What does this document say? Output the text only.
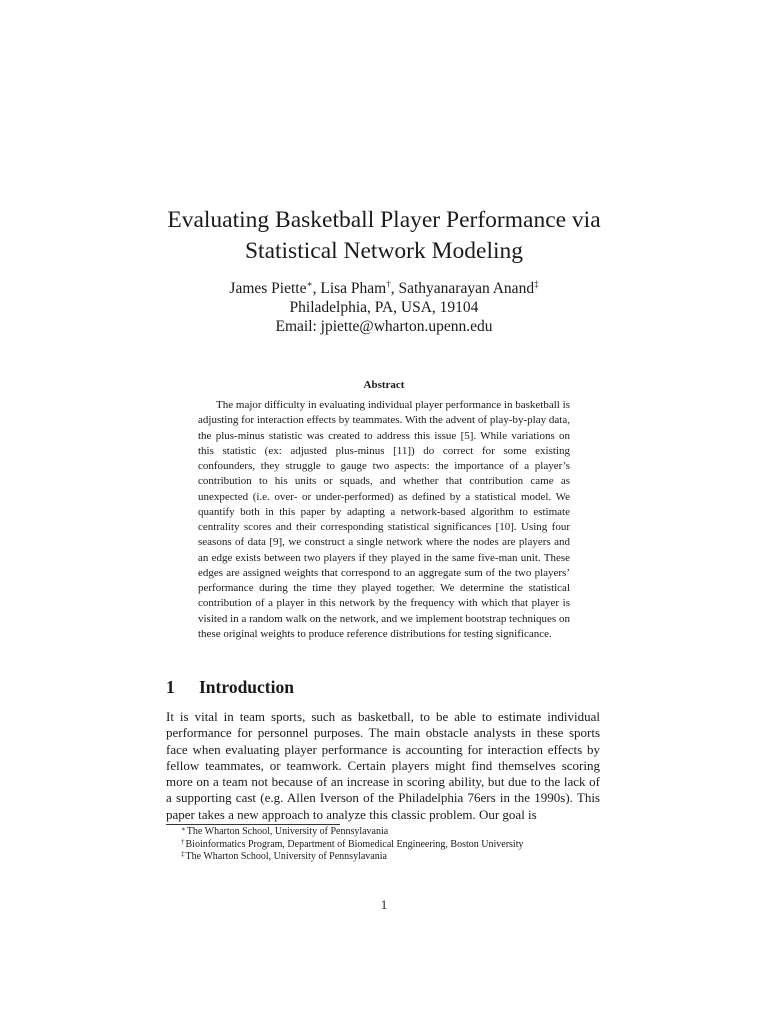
Evaluating Basketball Player Performance via
Statistical Network Modeling
James Piette∗, Lisa Pham†, Sathyanarayan Anand‡
Philadelphia, PA, USA, 19104
Email: jpiette@wharton.upenn.edu
Abstract

The major difficulty in evaluating individual player performance in basketball is adjusting for interaction effects by teammates. With the advent of play-by-play data, the plus-minus statistic was created to address this issue [5]. While variations on this statistic (ex: adjusted plus-minus [11]) do correct for some existing confounders, they struggle to gauge two aspects: the importance of a player’s contribution to his units or squads, and whether that contribution came as unexpected (i.e. over- or under-performed) as defined by a statistical model. We quantify both in this paper by adapting a network-based algorithm to estimate centrality scores and their corresponding statistical significances [10]. Using four seasons of data [9], we construct a single network where the nodes are players and an edge exists between two players if they played in the same five-man unit. These edges are assigned weights that correspond to an aggregate sum of the two players’ performance during the time they played together. We determine the statistical contribution of a player in this network by the frequency with which that player is visited in a random walk on the network, and we implement bootstrap techniques on these original weights to produce reference distributions for testing significance.

1 Introduction

It is vital in team sports, such as basketball, to be able to estimate individual performance for personnel purposes. The main obstacle analysts in these sports face when evaluating player performance is accounting for interaction effects by fellow teammates, or teamwork. Certain players might find themselves scoring more on a team not because of an increase in scoring ability, but due to the lack of a supporting cast (e.g. Allen Iverson of the Philadelphia 76ers in the 1990s). This paper takes a new approach to analyze this classic problem. Our goal is

∗The Wharton School, University of Pennsylavania
†Bioinformatics Program, Department of Biomedical Engineering, Boston University
‡The Wharton School, University of Pennsylavania
1
